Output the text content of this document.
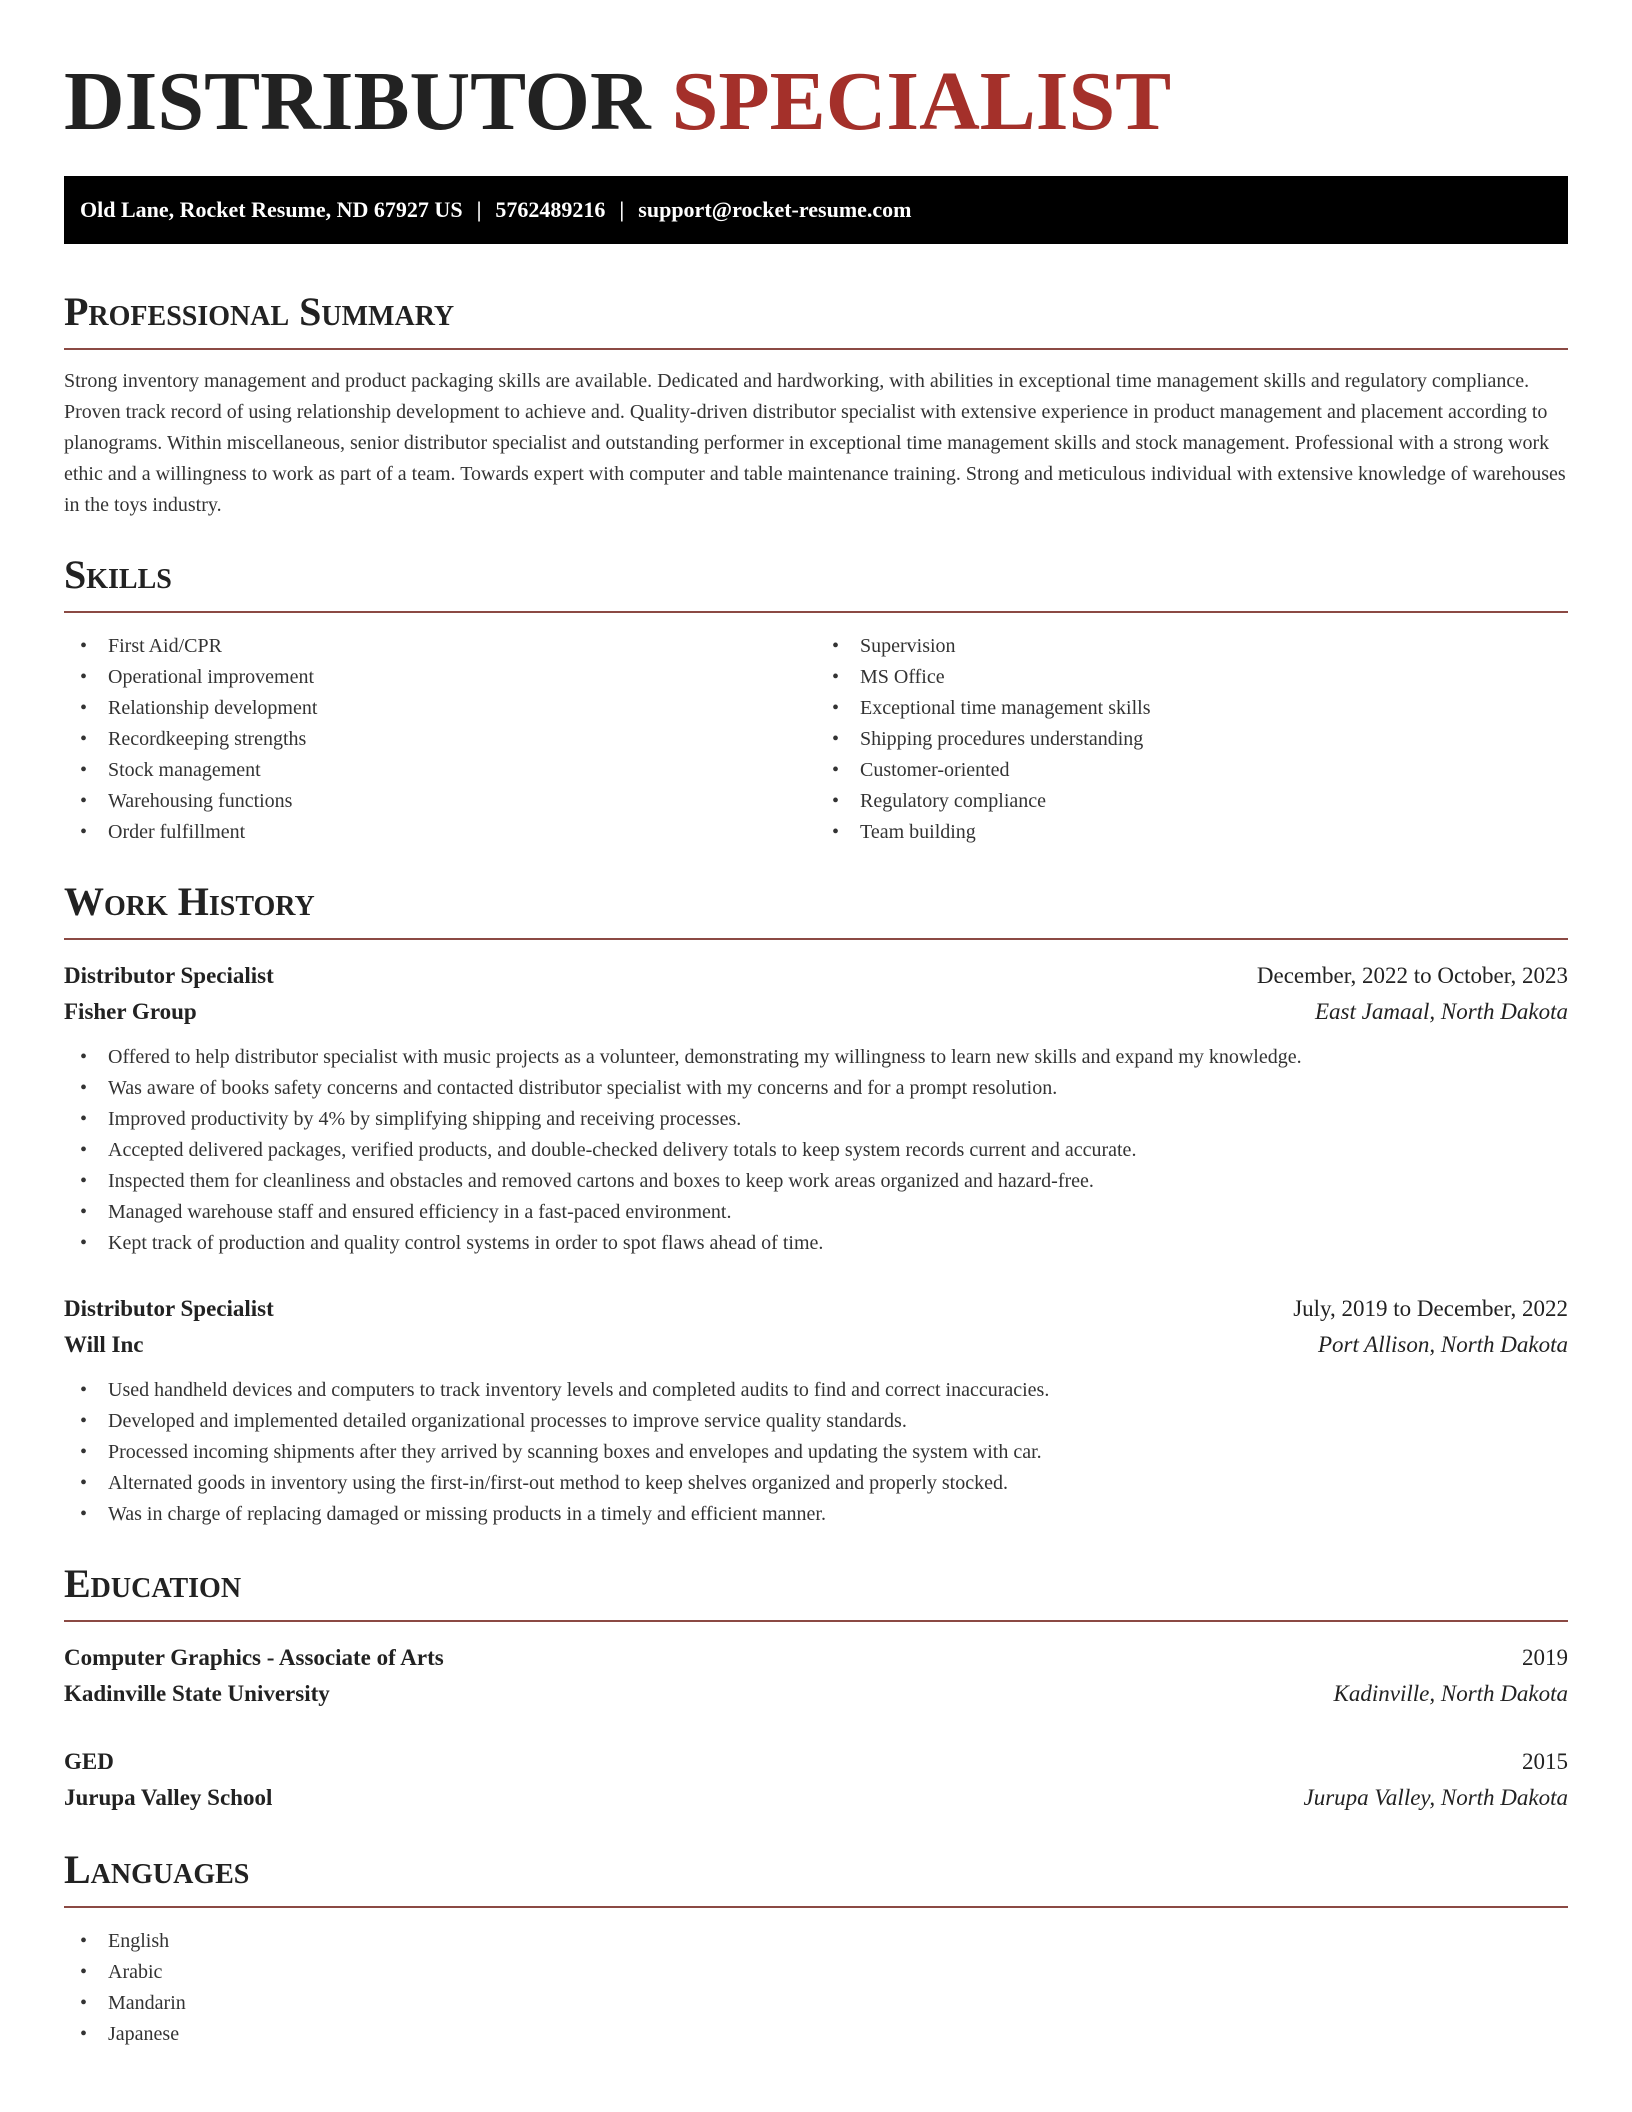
DISTRIBUTOR SPECIALIST
Old Lane, Rocket Resume, ND 67927 US | 5762489216 | support@rocket-resume.com
Professional Summary

Strong inventory management and product packaging skills are available. Dedicated and hardworking, with abilities in exceptional time management skills and regulatory compliance. Proven track record of using relationship development to achieve and. Quality-driven distributor specialist with extensive experience in product management and placement according to planograms. Within miscellaneous, senior distributor specialist and outstanding performer in exceptional time management skills and stock management. Professional with a strong work ethic and a willingness to work as part of a team. Towards expert with computer and table maintenance training. Strong and meticulous individual with extensive knowledge of warehouses in the toys industry.

Skills
• First Aid/CPR
• Operational improvement
• Relationship development
• Recordkeeping strengths
• Stock management
• Warehousing functions
• Order fulfillment
• Supervision
• MS Office
• Exceptional time management skills
• Shipping procedures understanding
• Customer-oriented
• Regulatory compliance
• Team building
Work History
Distributor Specialist	December, 2022 to October, 2023
Fisher Group	East Jamaal, North Dakota
• Offered to help distributor specialist with music projects as a volunteer, demonstrating my willingness to learn new skills and expand my knowledge.
• Was aware of books safety concerns and contacted distributor specialist with my concerns and for a prompt resolution.
• Improved productivity by 4% by simplifying shipping and receiving processes.
• Accepted delivered packages, verified products, and double-checked delivery totals to keep system records current and accurate.
• Inspected them for cleanliness and obstacles and removed cartons and boxes to keep work areas organized and hazard-free.
• Managed warehouse staff and ensured efficiency in a fast-paced environment.
• Kept track of production and quality control systems in order to spot flaws ahead of time.
Distributor Specialist	July, 2019 to December, 2022
Will Inc	Port Allison, North Dakota
• Used handheld devices and computers to track inventory levels and completed audits to find and correct inaccuracies.
• Developed and implemented detailed organizational processes to improve service quality standards.
• Processed incoming shipments after they arrived by scanning boxes and envelopes and updating the system with car.
• Alternated goods in inventory using the first-in/first-out method to keep shelves organized and properly stocked.
• Was in charge of replacing damaged or missing products in a timely and efficient manner.
Education
Computer Graphics - Associate of Arts	2019
Kadinville State University	Kadinville, North Dakota
GED	2015
Jurupa Valley School	Jurupa Valley, North Dakota
Languages
• English
• Arabic
• Mandarin
• Japanese
